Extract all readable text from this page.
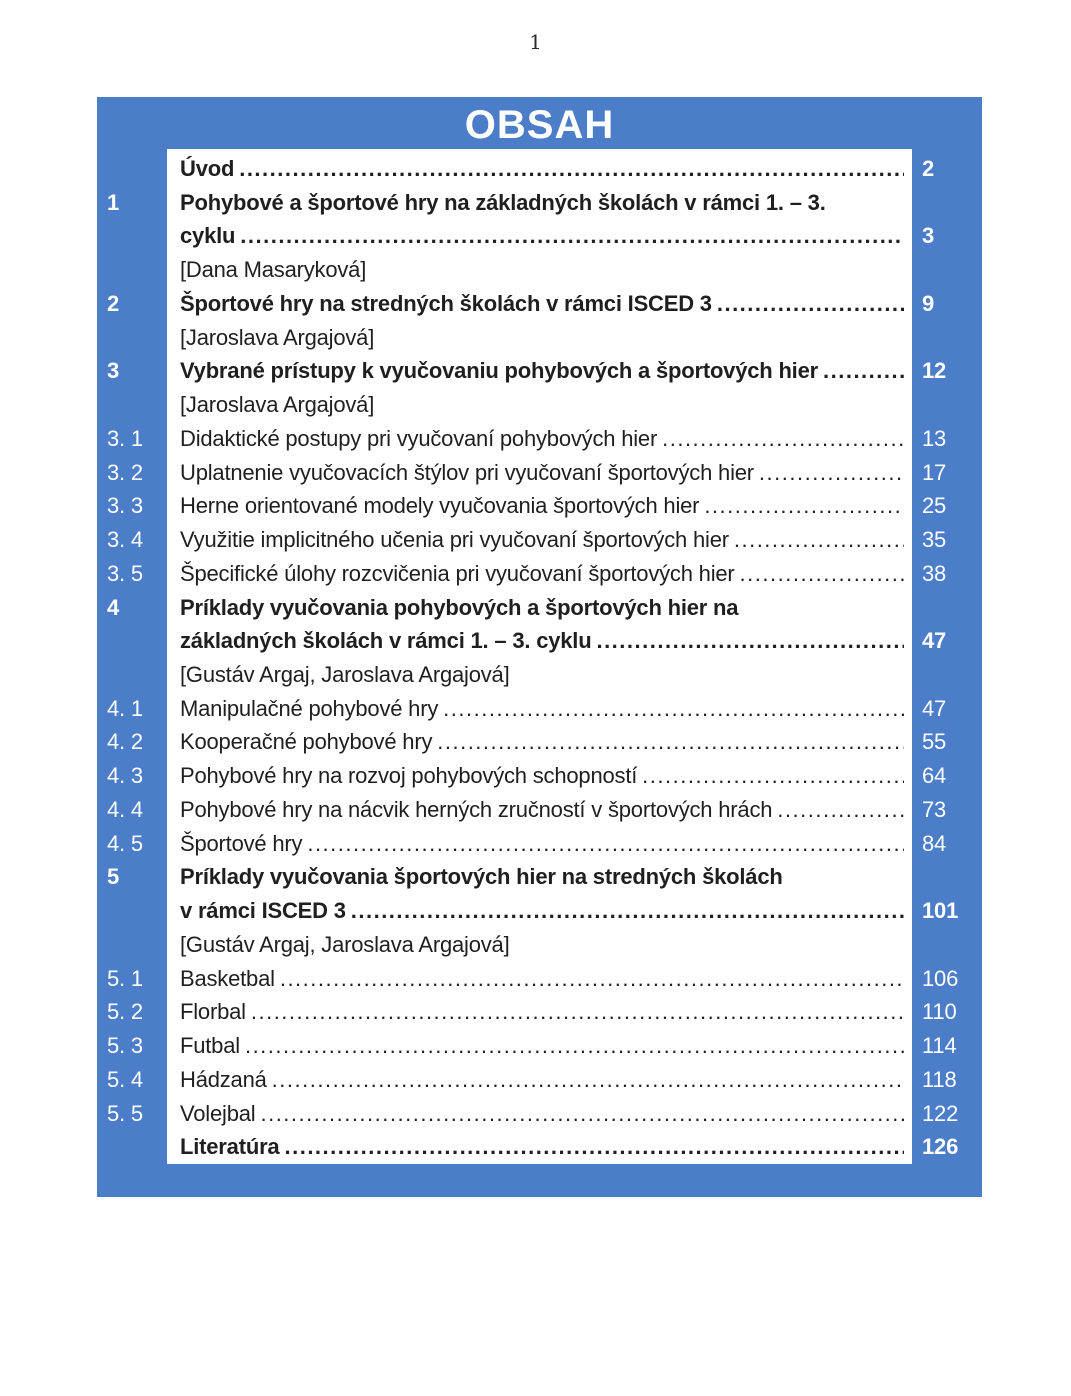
1
OBSAH
Úvod .....	2
1	Pohybové a športové hry na základných školách v rámci 1. – 3.
cyklu .....	3
[Dana Masaryková]
2	Športové hry na stredných školách v rámci ISCED 3 .....	9
[Jaroslava Argajová]
3	Vybrané prístupy k vyučovaniu pohybových a športových hier .....	12
[Jaroslava Argajová]
3. 1	Didaktické postupy pri vyučovaní pohybových hier .....	13
3. 2	Uplatnenie vyučovacích štýlov pri vyučovaní športových hier .....	17
3. 3	Herne orientované modely vyučovania športových hier .....	25
3. 4	Využitie implicitného učenia pri vyučovaní športových hier .....	35
3. 5	Špecifické úlohy rozcvičenia pri vyučovaní športových hier .....	38
4	Príklady vyučovania pohybových a športových hier na
základných školách v rámci 1. – 3. cyklu .....	47
[Gustáv Argaj, Jaroslava Argajová]
4. 1	Manipulačné pohybové hry .....	47
4. 2	Kooperačné pohybové hry .....	55
4. 3	Pohybové hry na rozvoj pohybových schopností .....	64
4. 4	Pohybové hry na nácvik herných zručností v športových hrách .....	73
4. 5	Športové hry .....	84
5	Príklady vyučovania športových hier na stredných školách
v rámci ISCED 3 .....	101
[Gustáv Argaj, Jaroslava Argajová]
5. 1	Basketbal .....	106
5. 2	Florbal .....	110
5. 3	Futbal .....	114
5. 4	Hádzaná .....	118
5. 5	Volejbal .....	122
Literatúra .....	126
